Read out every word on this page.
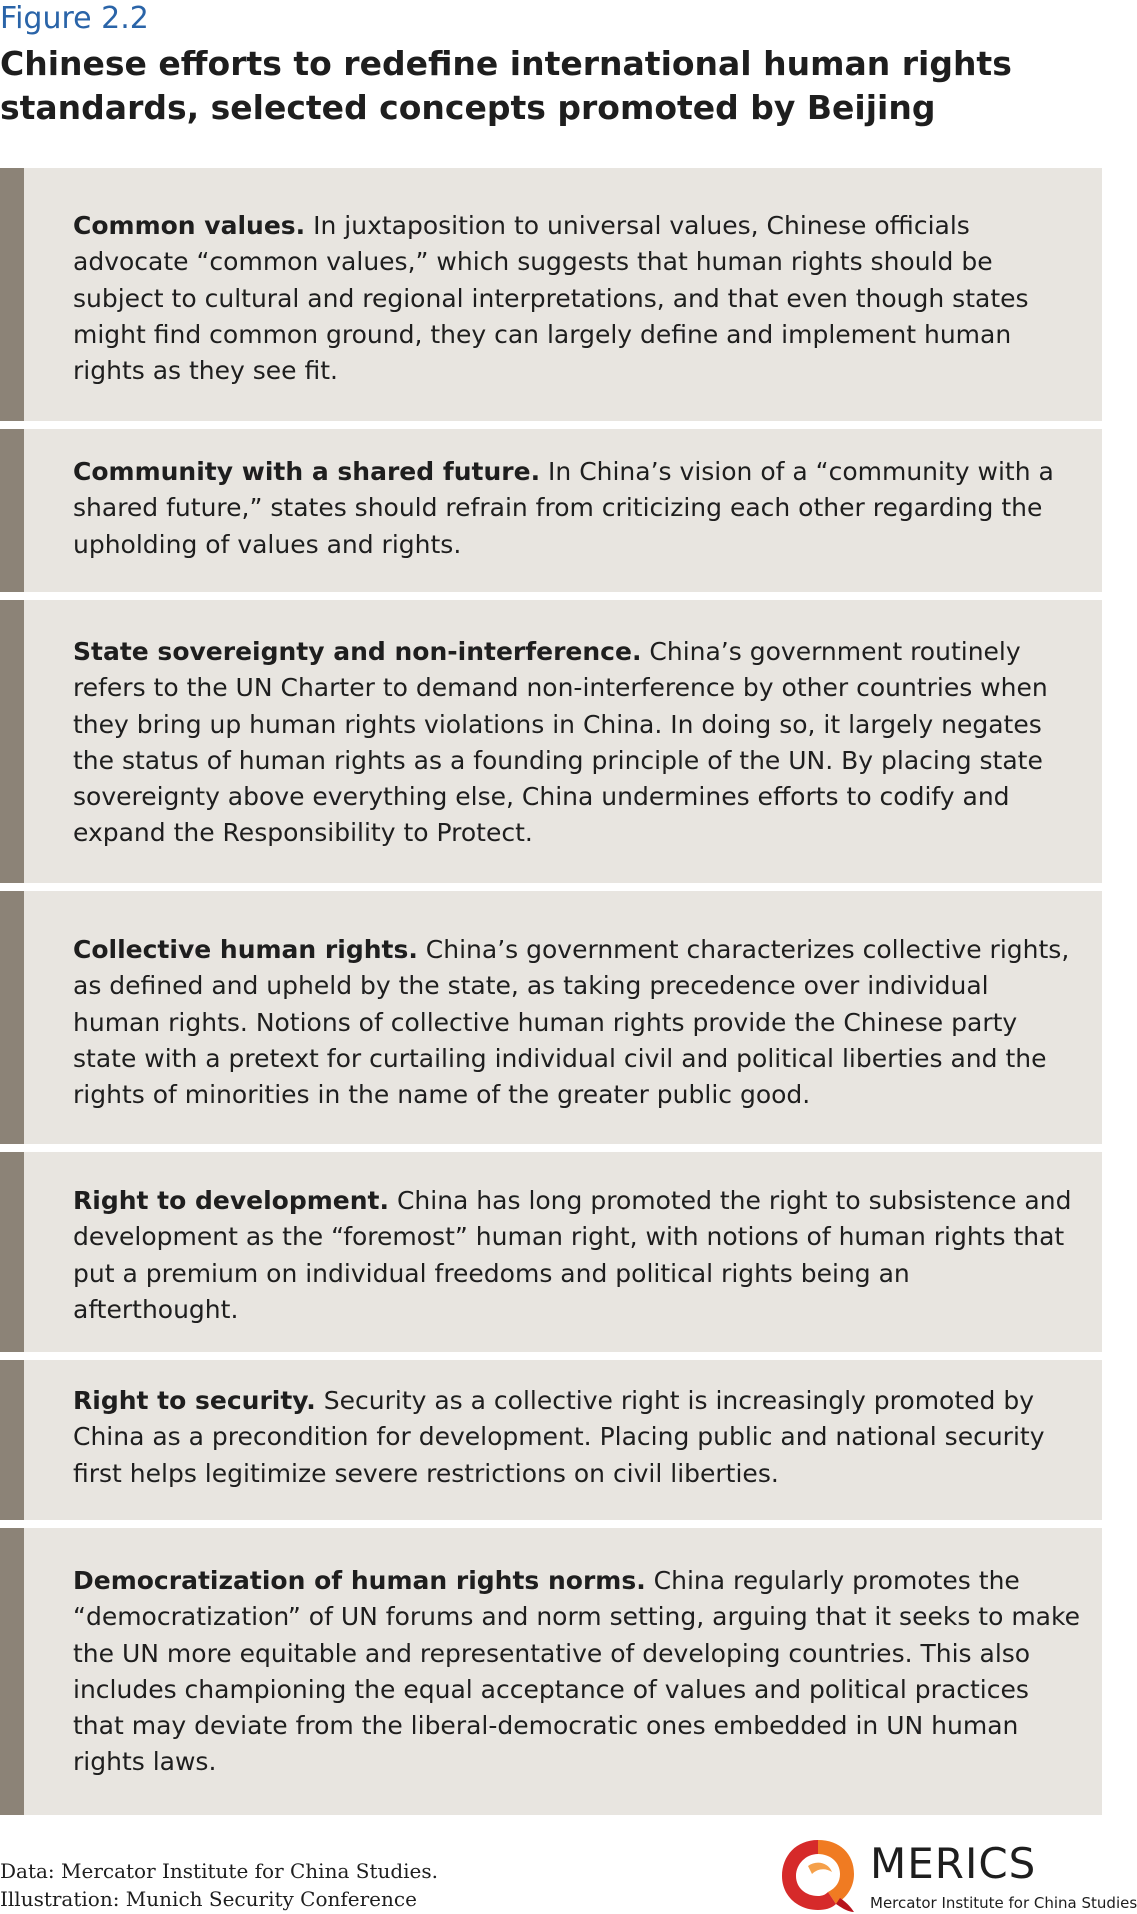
Figure 2.2
Chinese efforts to redefine international human rights standards, selected concepts promoted by Beijing

Common values. In juxtaposition to universal values, Chinese officials advocate “common values,” which suggests that human rights should be subject to cultural and regional interpretations, and that even though states might find common ground, they can largely define and implement human rights as they see fit.

Community with a shared future. In China’s vision of a “community with a shared future,” states should refrain from criticizing each other regarding the upholding of values and rights.

State sovereignty and non-interference. China’s government routinely refers to the UN Charter to demand non-interference by other countries when they bring up human rights violations in China. In doing so, it largely negates the status of human rights as a founding principle of the UN. By placing state sovereignty above everything else, China undermines efforts to codify and expand the Responsibility to Protect.

Collective human rights. China’s government characterizes collective rights, as defined and upheld by the state, as taking precedence over individual human rights. Notions of collective human rights provide the Chinese party state with a pretext for curtailing individual civil and political liberties and the rights of minorities in the name of the greater public good.

Right to development. China has long promoted the right to subsistence and development as the “foremost” human right, with notions of human rights that put a premium on individual freedoms and political rights being an afterthought.

Right to security. Security as a collective right is increasingly promoted by China as a precondition for development. Placing public and national security first helps legitimize severe restrictions on civil liberties.

Democratization of human rights norms. China regularly promotes the “democratization” of UN forums and norm setting, arguing that it seeks to make the UN more equitable and representative of developing countries. This also includes championing the equal acceptance of values and political practices that may deviate from the liberal-democratic ones embedded in UN human rights laws.

Data: Mercator Institute for China Studies.
Illustration: Munich Security Conference
MERICS
Mercator Institute for China Studies
